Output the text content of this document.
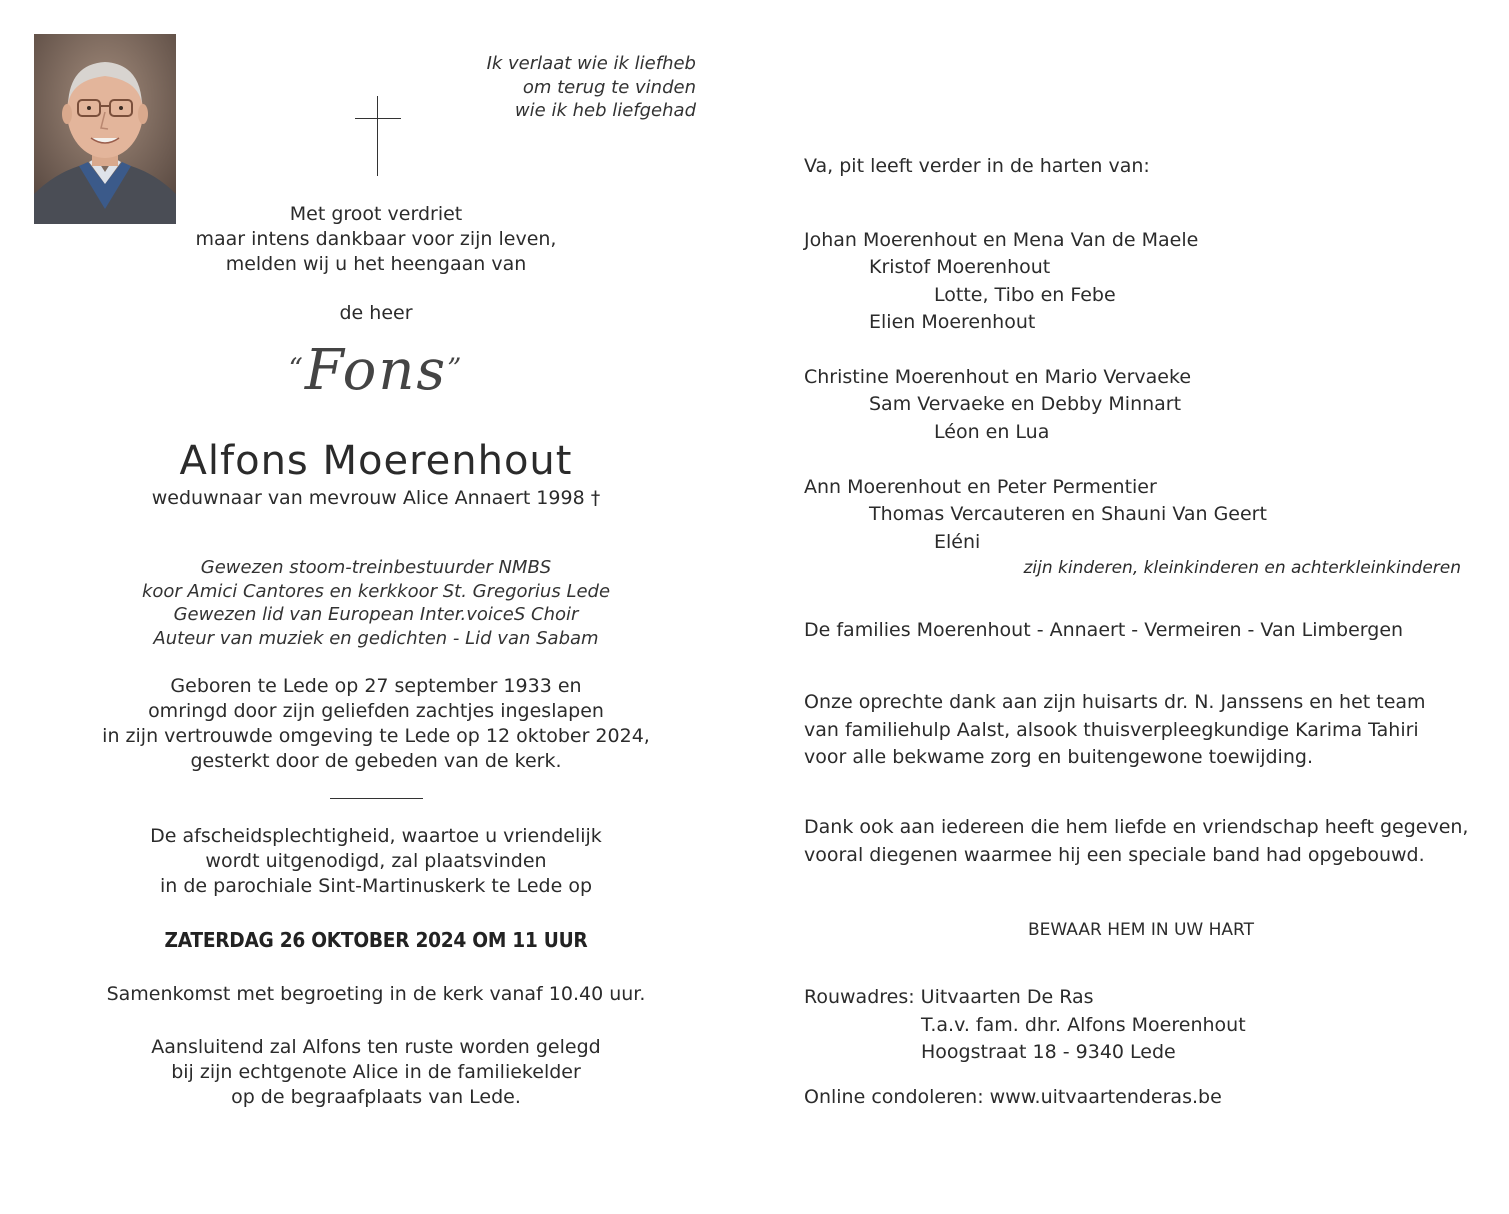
Ik verlaat wie ik liefheb
om terug te vinden
wie ik heb liefgehad
Met groot verdriet
maar intens dankbaar voor zijn leven,
melden wij u het heengaan van
de heer
“Fons”
Alfons Moerenhout
weduwnaar van mevrouw Alice Annaert 1998 †
Gewezen stoom-treinbestuurder NMBS
koor Amici Cantores en kerkkoor St. Gregorius Lede
Gewezen lid van European Inter.voiceS Choir
Auteur van muziek en gedichten - Lid van Sabam
Geboren te Lede op 27 september 1933 en
omringd door zijn geliefden zachtjes ingeslapen
in zijn vertrouwde omgeving te Lede op 12 oktober 2024,
gesterkt door de gebeden van de kerk.
De afscheidsplechtigheid, waartoe u vriendelijk
wordt uitgenodigd, zal plaatsvinden
in de parochiale Sint-Martinuskerk te Lede op
ZATERDAG 26 OKTOBER 2024 OM 11 UUR
Samenkomst met begroeting in de kerk vanaf 10.40 uur.
Aansluitend zal Alfons ten ruste worden gelegd
bij zijn echtgenote Alice in de familiekelder
op de begraafplaats van Lede.
Va, pit leeft verder in de harten van:
Johan Moerenhout en Mena Van de Maele
Kristof Moerenhout
Lotte, Tibo en Febe
Elien Moerenhout
Christine Moerenhout en Mario Vervaeke
Sam Vervaeke en Debby Minnart
Léon en Lua
Ann Moerenhout en Peter Permentier
Thomas Vercauteren en Shauni Van Geert
Eléni
zijn kinderen, kleinkinderen en achterkleinkinderen
De families Moerenhout - Annaert - Vermeiren - Van Limbergen
Onze oprechte dank aan zijn huisarts dr. N. Janssens en het team
van familiehulp Aalst, alsook thuisverpleegkundige Karima Tahiri
voor alle bekwame zorg en buitengewone toewijding.
Dank ook aan iedereen die hem liefde en vriendschap heeft gegeven,
vooral diegenen waarmee hij een speciale band had opgebouwd.
BEWAAR HEM IN UW HART
Rouwadres: Uitvaarten De Ras
T.a.v. fam. dhr. Alfons Moerenhout
Hoogstraat 18 - 9340 Lede
Online condoleren: www.uitvaartenderas.be
